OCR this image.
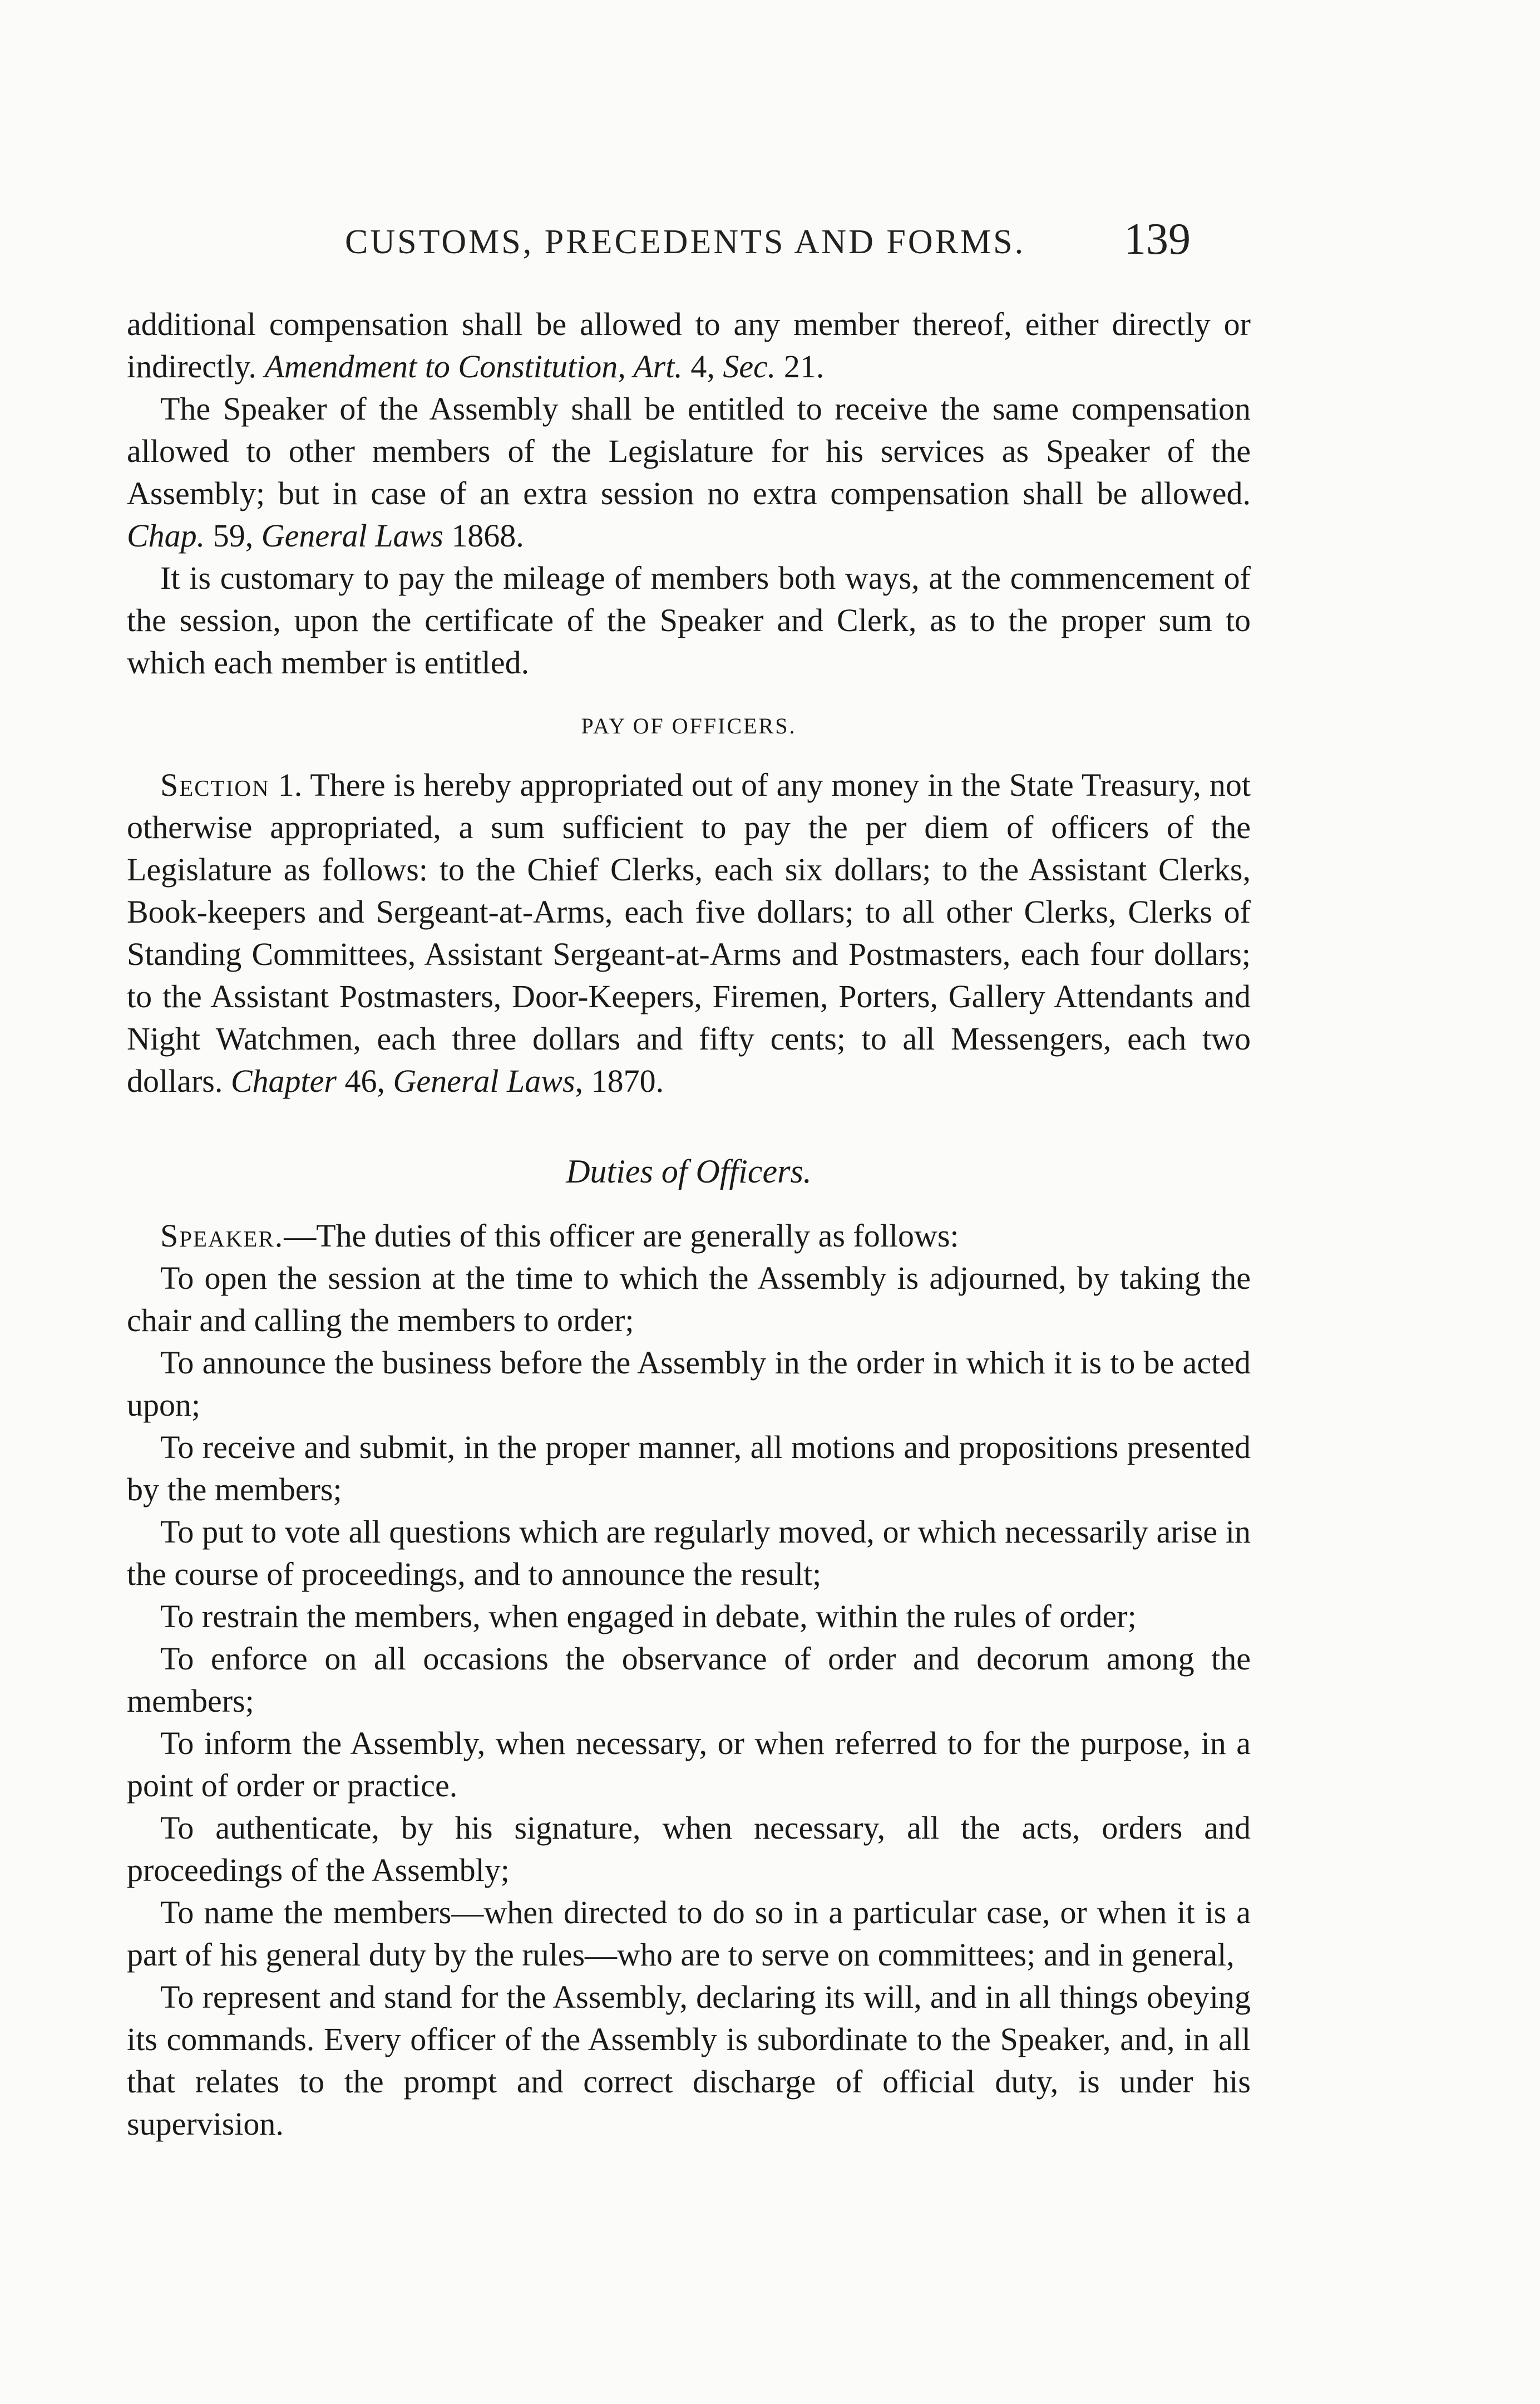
CUSTOMS, PRECEDENTS AND FORMS.	139

additional compensation shall be allowed to any member thereof, either directly or indirectly. Amendment to Constitution, Art. 4, Sec. 21.

The Speaker of the Assembly shall be entitled to receive the same compensation allowed to other members of the Legislature for his services as Speaker of the Assembly; but in case of an extra session no extra compensation shall be allowed. Chap. 59, General Laws 1868.

It is customary to pay the mileage of members both ways, at the commencement of the session, upon the certificate of the Speaker and Clerk, as to the proper sum to which each member is entitled.

PAY OF OFFICERS.

Section 1. There is hereby appropriated out of any money in the State Treasury, not otherwise appropriated, a sum sufficient to pay the per diem of officers of the Legislature as follows: to the Chief Clerks, each six dollars; to the Assistant Clerks, Book-keepers and Sergeant-at-Arms, each five dollars; to all other Clerks, Clerks of Standing Committees, Assistant Sergeant-at-Arms and Postmasters, each four dollars; to the Assistant Postmasters, Door-Keepers, Firemen, Porters, Gallery Attendants and Night Watchmen, each three dollars and fifty cents; to all Messengers, each two dollars. Chapter 46, General Laws, 1870.

Duties of Officers.

Speaker.—The duties of this officer are generally as follows:

To open the session at the time to which the Assembly is adjourned, by taking the chair and calling the members to order;

To announce the business before the Assembly in the order in which it is to be acted upon;

To receive and submit, in the proper manner, all motions and propositions presented by the members;

To put to vote all questions which are regularly moved, or which necessarily arise in the course of proceedings, and to announce the result;

To restrain the members, when engaged in debate, within the rules of order;

To enforce on all occasions the observance of order and decorum among the members;

To inform the Assembly, when necessary, or when referred to for the purpose, in a point of order or practice.

To authenticate, by his signature, when necessary, all the acts, orders and proceedings of the Assembly;

To name the members—when directed to do so in a particular case, or when it is a part of his general duty by the rules—who are to serve on committees; and in general,

To represent and stand for the Assembly, declaring its will, and in all things obeying its commands. Every officer of the Assembly is subordinate to the Speaker, and, in all that relates to the prompt and correct discharge of official duty, is under his supervision.
